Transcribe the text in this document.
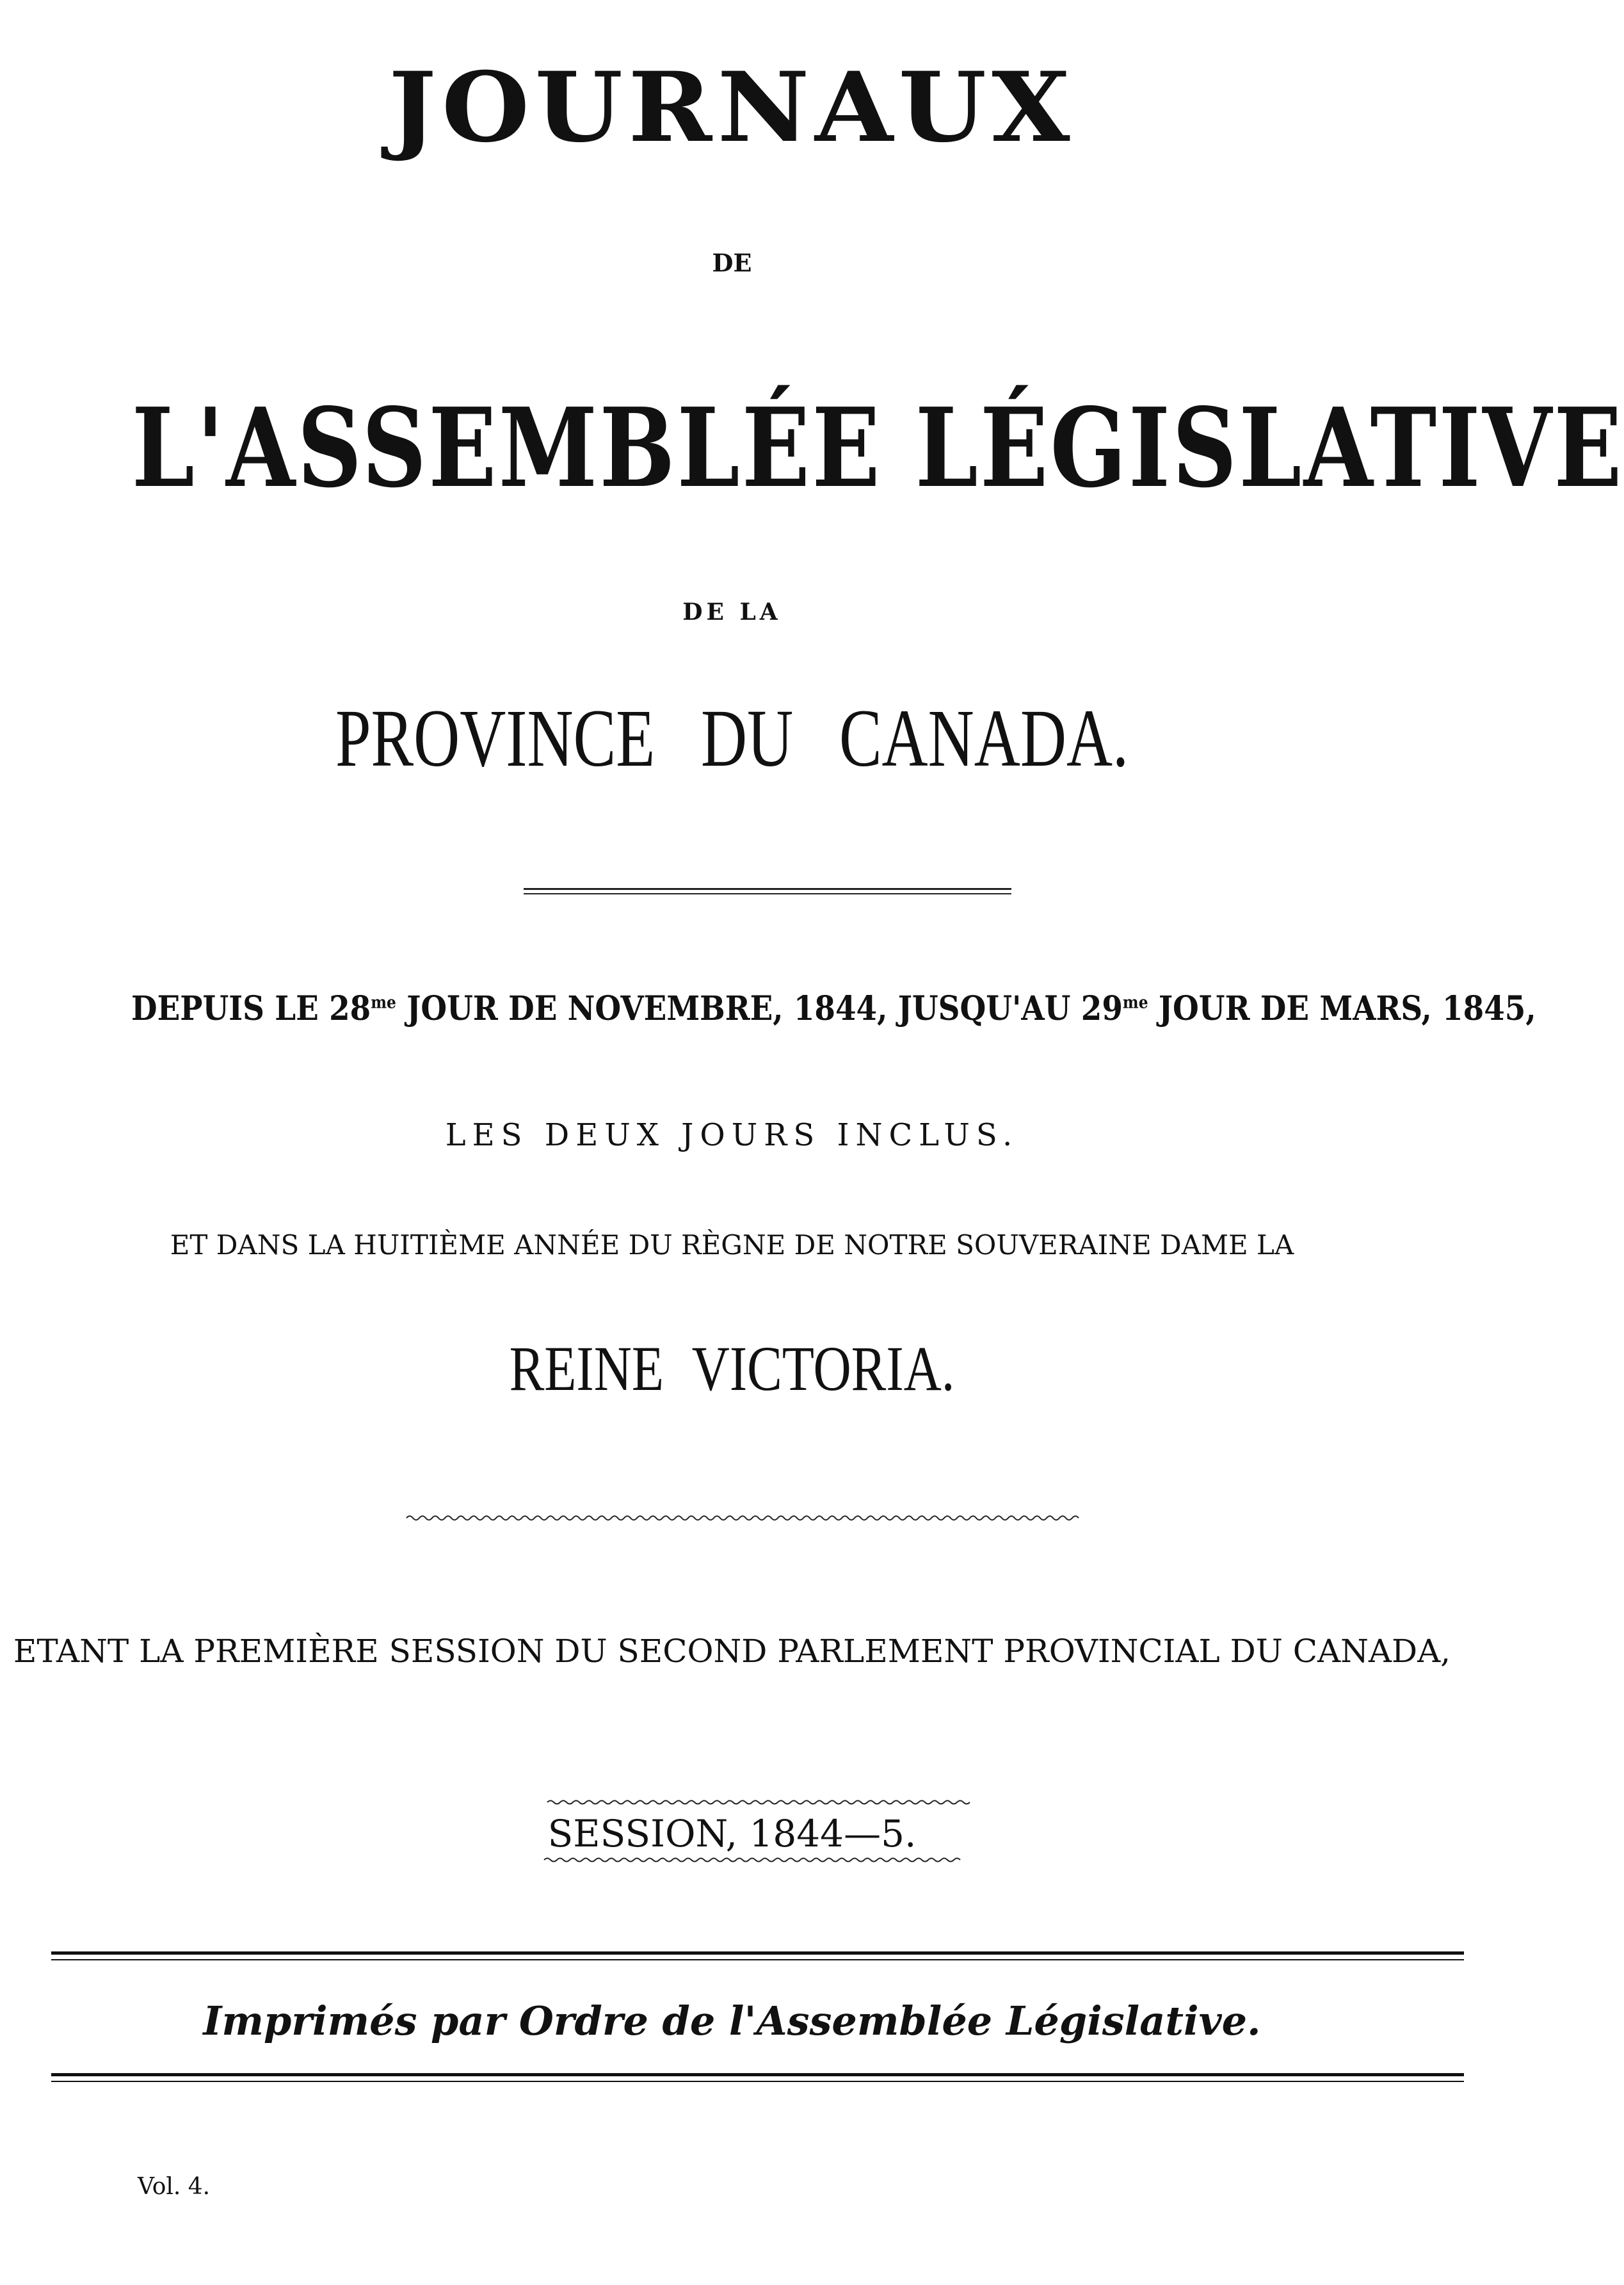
JOURNAUX
DE
L'ASSEMBLÉE LÉGISLATIVE
DE LA
PROVINCE DU CANADA.
DEPUIS LE $28^{me}$ JOUR DE NOVEMBRE, 1844, JUSQU'AU $29^{me}$ JOUR DE MARS, 1845,
LES DEUX JOURS INCLUS.
ET DANS LA HUITIÈME ANNÉE DU RÈGNE DE NOTRE SOUVERAINE DAME LA
REINE VICTORIA.
ETANT LA PREMIÈRE SESSION DU SECOND PARLEMENT PROVINCIAL DU CANADA,
SESSION, 1844—5.
Imprimés par Ordre de l'Assemblée Législative.
Vol. 4.
